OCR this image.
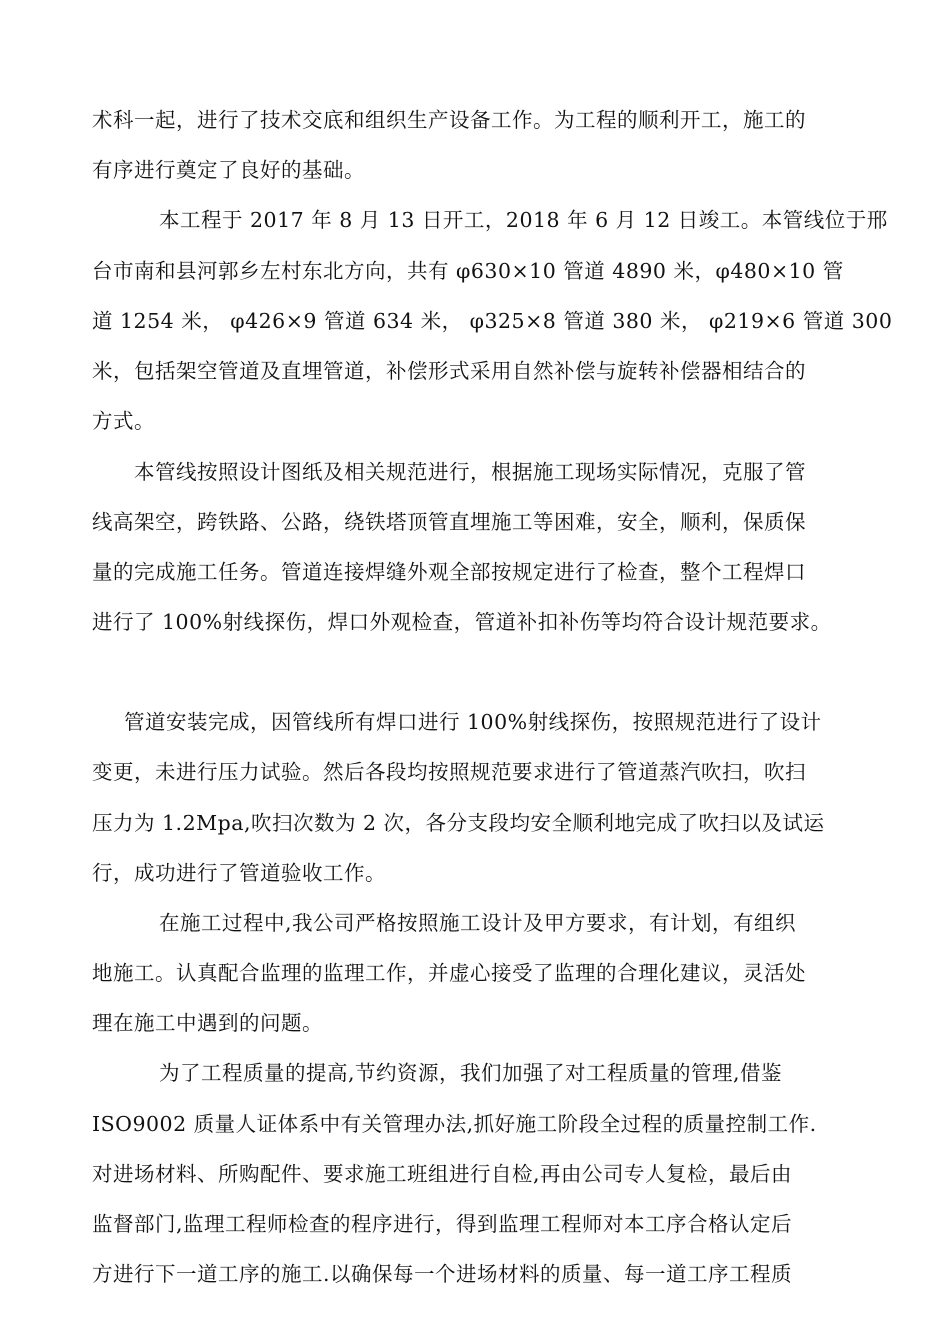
术科一起，进行了技术交底和组织生产设备工作。为工程的顺利开工，施工的
有序进行奠定了良好的基础。
本工程于 2017 年 8 月 13 日开工，2018 年 6 月 12 日竣工。本管线位于邢
台市南和县河郭乡左村东北方向，共有 φ630×10 管道 4890 米，φ480×10 管
道 1254 米， φ426×9 管道 634 米， φ325×8 管道 380 米， φ219×6 管道 300
米，包括架空管道及直埋管道，补偿形式采用自然补偿与旋转补偿器相结合的
方式。
本管线按照设计图纸及相关规范进行，根据施工现场实际情况，克服了管
线高架空，跨铁路、公路，绕铁塔顶管直埋施工等困难，安全，顺利，保质保
量的完成施工任务。管道连接焊缝外观全部按规定进行了检查，整个工程焊口
进行了 100%射线探伤，焊口外观检查，管道补扣补伤等均符合设计规范要求。
管道安装完成，因管线所有焊口进行 100%射线探伤，按照规范进行了设计
变更，未进行压力试验。然后各段均按照规范要求进行了管道蒸汽吹扫，吹扫
压力为 1.2Mpa,吹扫次数为 2 次，各分支段均安全顺利地完成了吹扫以及试运
行，成功进行了管道验收工作。
在施工过程中,我公司严格按照施工设计及甲方要求，有计划，有组织
地施工。认真配合监理的监理工作，并虚心接受了监理的合理化建议，灵活处
理在施工中遇到的问题。
为了工程质量的提高,节约资源，我们加强了对工程质量的管理,借鉴
ISO9002 质量人证体系中有关管理办法,抓好施工阶段全过程的质量控制工作.
对进场材料、所购配件、要求施工班组进行自检,再由公司专人复检，最后由
监督部门,监理工程师检查的程序进行，得到监理工程师对本工序合格认定后
方进行下一道工序的施工.以确保每一个进场材料的质量、每一道工序工程质
